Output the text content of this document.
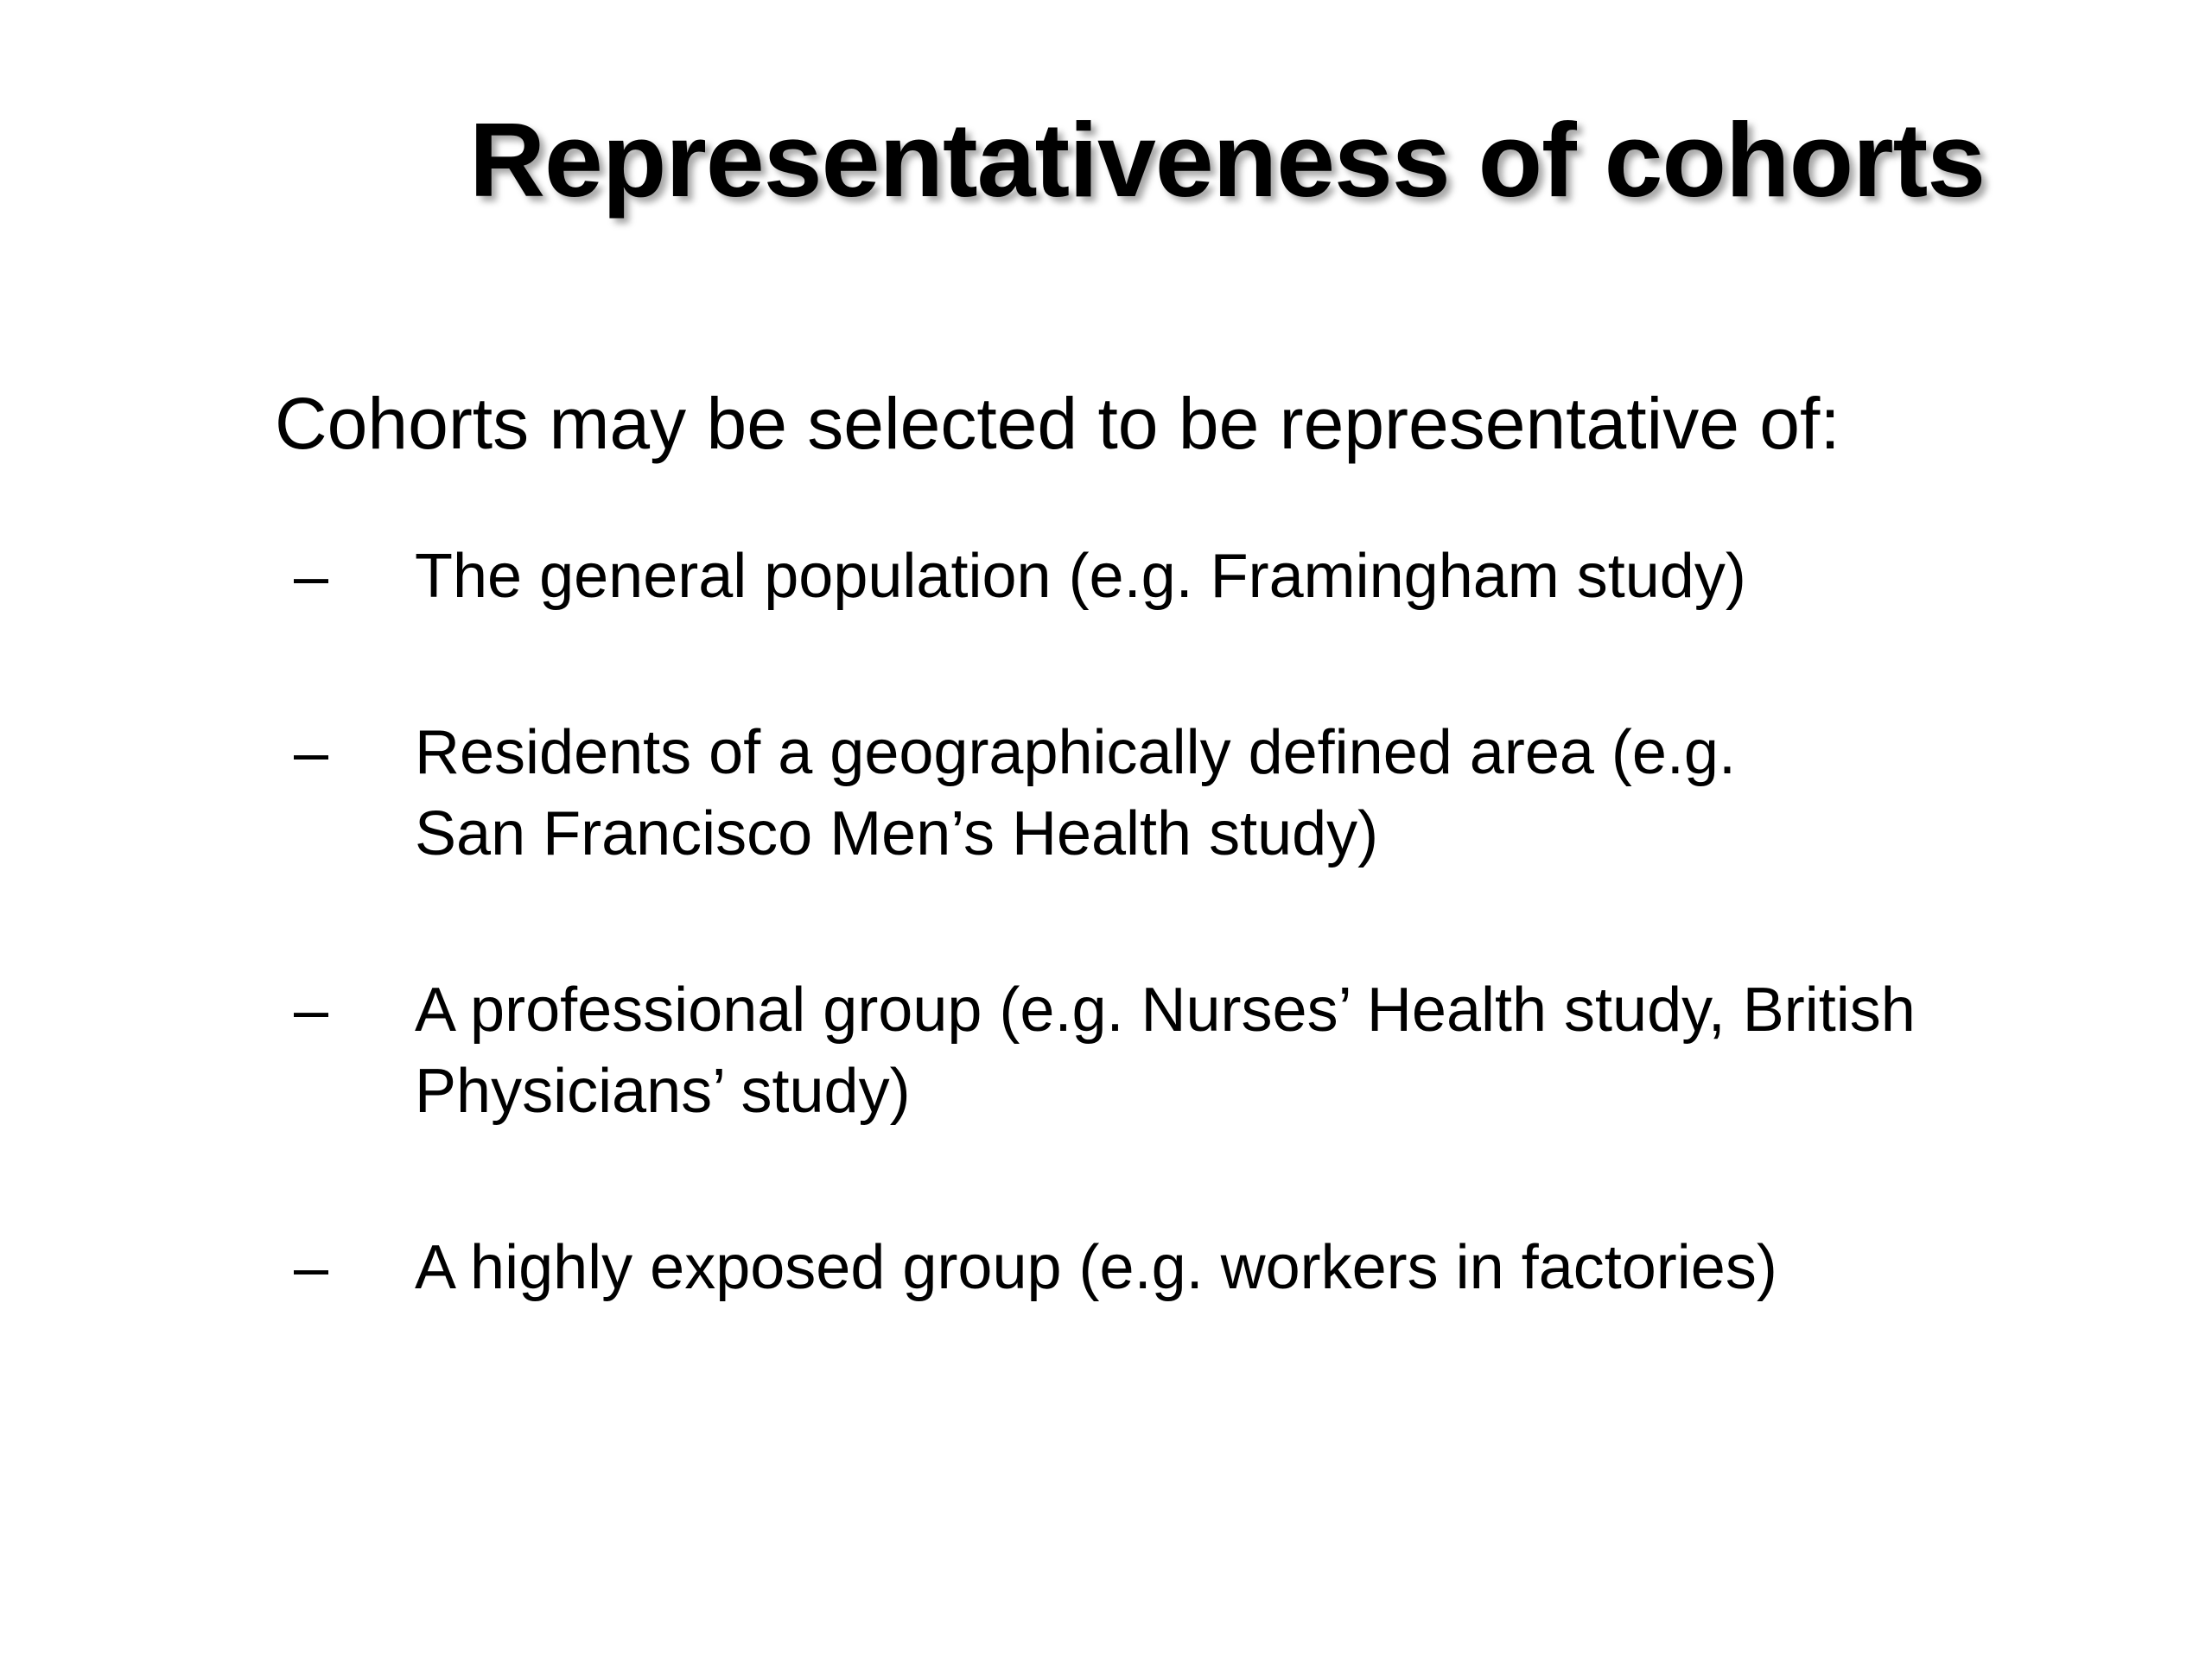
Representativeness of cohorts

Cohorts may be selected to be representative of:

– The general population (e.g. Framingham study)
– Residents of a geographically defined area (e.g.
San Francisco Men’s Health study)
– A professional group (e.g. Nurses’ Health study, British
Physicians’ study)
– A highly exposed group (e.g. workers in factories)
